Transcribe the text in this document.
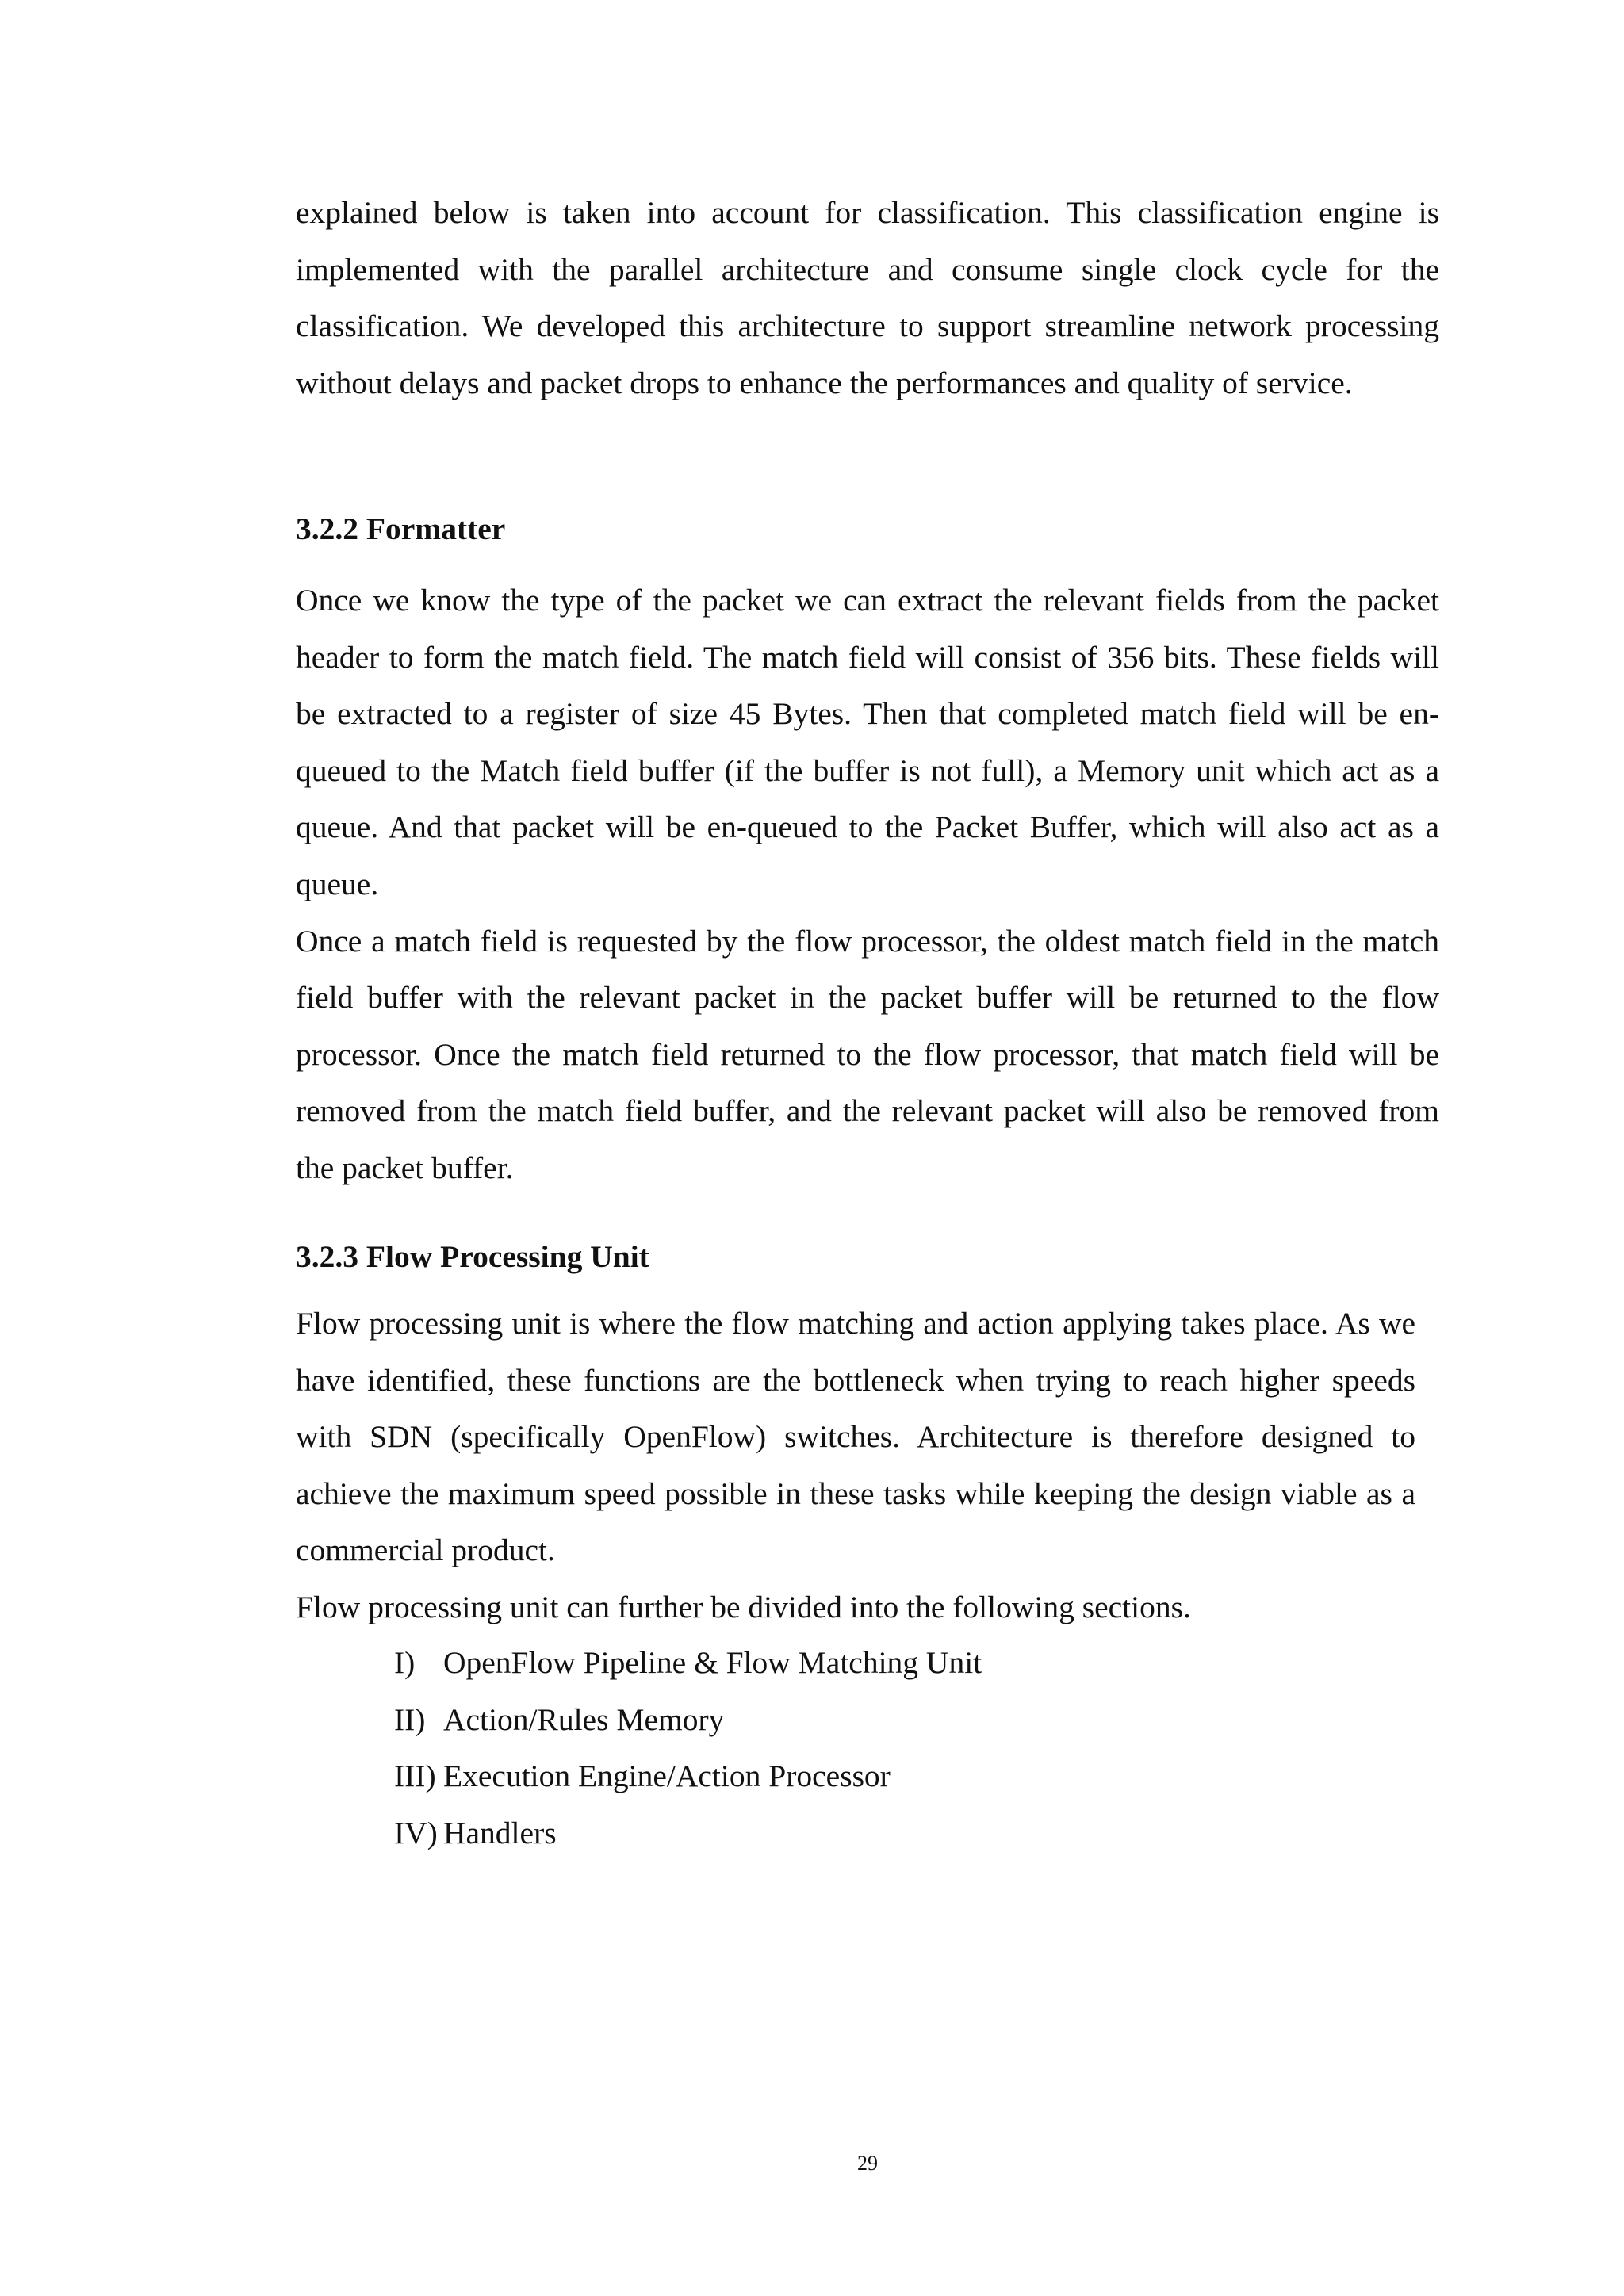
explained below is taken into account for classification. This classification engine is implemented with the parallel architecture and consume single clock cycle for the classification. We developed this architecture to support streamline network processing without delays and packet drops to enhance the performances and quality of service.

3.2.2 Formatter

Once we know the type of the packet we can extract the relevant fields from the packet header to form the match field. The match field will consist of 356 bits. These fields will be extracted to a register of size 45 Bytes. Then that completed match field will be en-queued to the Match field buffer (if the buffer is not full), a Memory unit which act as a queue. And that packet will be en-queued to the Packet Buffer, which will also act as a queue.

Once a match field is requested by the flow processor, the oldest match field in the match field buffer with the relevant packet in the packet buffer will be returned to the flow processor. Once the match field returned to the flow processor, that match field will be removed from the match field buffer, and the relevant packet will also be removed from the packet buffer.

3.2.3 Flow Processing Unit

Flow processing unit is where the flow matching and action applying takes place. As we have identified, these functions are the bottleneck when trying to reach higher speeds with SDN (specifically OpenFlow) switches. Architecture is therefore designed to achieve the maximum speed possible in these tasks while keeping the design viable as a commercial product.

Flow processing unit can further be divided into the following sections.

I) OpenFlow Pipeline & Flow Matching Unit
II) Action/Rules Memory
III) Execution Engine/Action Processor
IV) Handlers
29
